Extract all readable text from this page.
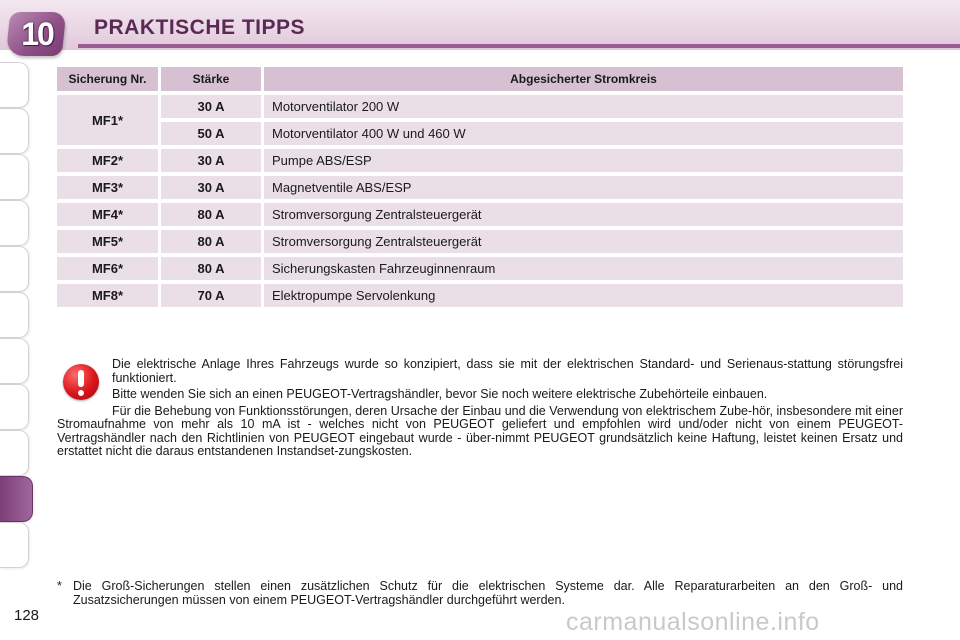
10	PRAKTISCHE TIPPS
Sicherung Nr.	Stärke	Abgesicherter Stromkreis
MF1*	30 A	Motorventilator 200 W
	50 A	Motorventilator 400 W und 460 W
MF2*	30 A	Pumpe ABS/ESP
MF3*	30 A	Magnetventile ABS/ESP
MF4*	80 A	Stromversorgung Zentralsteuergerät
MF5*	80 A	Stromversorgung Zentralsteuergerät
MF6*	80 A	Sicherungskasten Fahrzeuginnenraum
MF8*	70 A	Elektropumpe Servolenkung

Die elektrische Anlage Ihres Fahrzeugs wurde so konzipiert, dass sie mit der elektrischen Standard- und Serienaus-stattung störungsfrei funktioniert.

Bitte wenden Sie sich an einen PEUGEOT-Vertragshändler, bevor Sie noch weitere elektrische Zubehörteile einbauen.

Für die Behebung von Funktionsstörungen, deren Ursache der Einbau und die Verwendung von elektrischem Zube-hör, insbesondere mit einer Stromaufnahme von mehr als 10 mA ist - welches nicht von PEUGEOT geliefert und empfohlen wird und/oder nicht von einem PEUGEOT-Vertragshändler nach den Richtlinien von PEUGEOT eingebaut wurde - über-nimmt PEUGEOT grundsätzlich keine Haftung, leistet keinen Ersatz und erstattet nicht die daraus entstandenen Instandset-zungskosten.

* Die Groß-Sicherungen stellen einen zusätzlichen Schutz für die elektrischen Systeme dar. Alle Reparaturarbeiten an den Groß- und Zusatzsicherungen müssen von einem PEUGEOT-Vertragshändler durchgeführt werden.
128	carmanualsonline.info
